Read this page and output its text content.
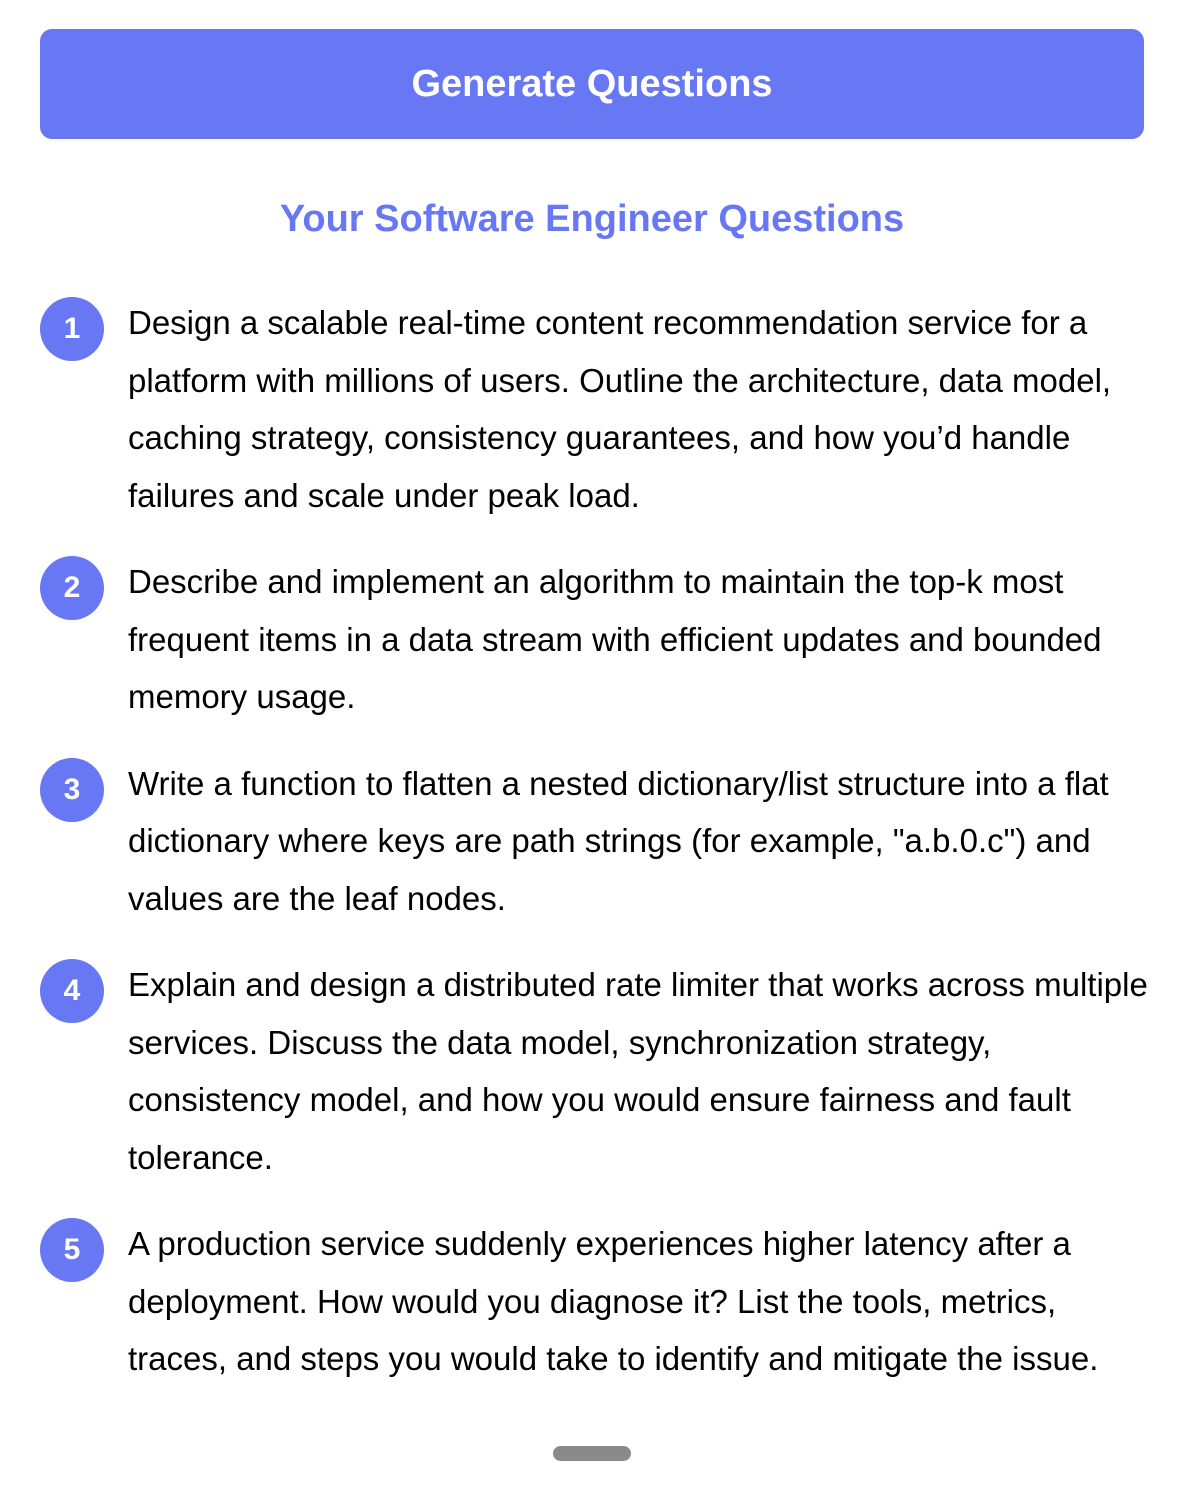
Generate Questions
Your Software Engineer Questions
1	Design a scalable real-time content recommendation service for a platform with millions of users. Outline the architecture, data model, caching strategy, consistency guarantees, and how you’d handle failures and scale under peak load.
2	Describe and implement an algorithm to maintain the top-k most frequent items in a data stream with efficient updates and bounded memory usage.
3	Write a function to flatten a nested dictionary/list structure into a flat dictionary where keys are path strings (for example, "a.b.0.c") and values are the leaf nodes.
4	Explain and design a distributed rate limiter that works across multiple services. Discuss the data model, synchronization strategy, consistency model, and how you would ensure fairness and fault tolerance.
5	A production service suddenly experiences higher latency after a deployment. How would you diagnose it? List the tools, metrics, traces, and steps you would take to identify and mitigate the issue.
